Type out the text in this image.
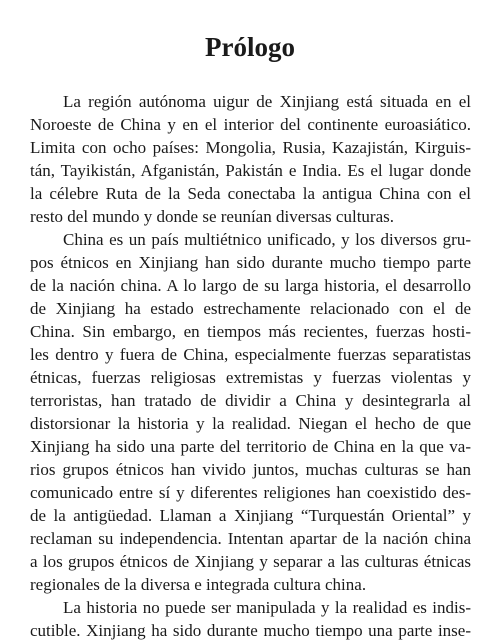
Prólogo

La región autónoma uigur de Xinjiang está situada en el

Noroeste de China y en el interior del continente euroasiático.

Limita con ocho países: Mongolia, Rusia, Kazajistán, Kirguis-

tán, Tayikistán, Afganistán, Pakistán e India. Es el lugar donde

la célebre Ruta de la Seda conectaba la antigua China con el

resto del mundo y donde se reunían diversas culturas.

China es un país multiétnico unificado, y los diversos gru-

pos étnicos en Xinjiang han sido durante mucho tiempo parte

de la nación china. A lo largo de su larga historia, el desarrollo

de Xinjiang ha estado estrechamente relacionado con el de

China. Sin embargo, en tiempos más recientes, fuerzas hosti-

les dentro y fuera de China, especialmente fuerzas separatistas

étnicas, fuerzas religiosas extremistas y fuerzas violentas y

terroristas, han tratado de dividir a China y desintegrarla al

distorsionar la historia y la realidad. Niegan el hecho de que

Xinjiang ha sido una parte del territorio de China en la que va-

rios grupos étnicos han vivido juntos, muchas culturas se han

comunicado entre sí y diferentes religiones han coexistido des-

de la antigüedad. Llaman a Xinjiang “Turquestán Oriental” y

reclaman su independencia. Intentan apartar de la nación china

a los grupos étnicos de Xinjiang y separar a las culturas étnicas

regionales de la diversa e integrada cultura china.

La historia no puede ser manipulada y la realidad es indis-

cutible. Xinjiang ha sido durante mucho tiempo una parte inse-
